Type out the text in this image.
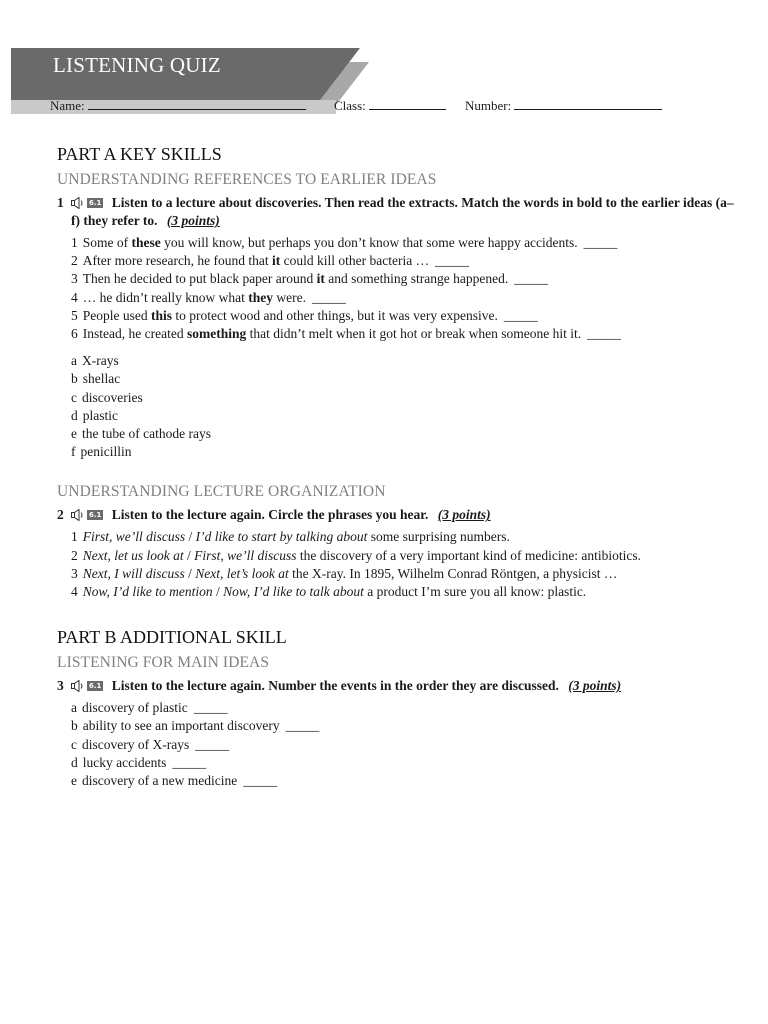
LISTENING QUIZ
Name:	Class:	Number:
PART A KEY SKILLS
UNDERSTANDING REFERENCES TO EARLIER IDEAS
1	6.1 Listen to a lecture about discoveries. Then read the extracts. Match the words in bold to the earlier ideas (a–f) they refer to. (3 points)
1 Some of these you will know, but perhaps you don’t know that some were happy accidents. _____
2 After more research, he found that it could kill other bacteria … _____
3 Then he decided to put black paper around it and something strange happened. _____
4 … he didn’t really know what they were. _____
5 People used this to protect wood and other things, but it was very expensive. _____
6 Instead, he created something that didn’t melt when it got hot or break when someone hit it. _____
a X-rays
b shellac
c discoveries
d plastic
e the tube of cathode rays
f penicillin
UNDERSTANDING LECTURE ORGANIZATION
2	6.1 Listen to the lecture again. Circle the phrases you hear. (3 points)
1 First, we’ll discuss / I’d like to start by talking about some surprising numbers.
2 Next, let us look at / First, we’ll discuss the discovery of a very important kind of medicine: antibiotics.
3 Next, I will discuss / Next, let’s look at the X-ray. In 1895, Wilhelm Conrad Röntgen, a physicist …
4 Now, I’d like to mention / Now, I’d like to talk about a product I’m sure you all know: plastic.
PART B ADDITIONAL SKILL
LISTENING FOR MAIN IDEAS
3	6.1 Listen to the lecture again. Number the events in the order they are discussed. (3 points)
a discovery of plastic _____
b ability to see an important discovery _____
c discovery of X-rays _____
d lucky accidents _____
e discovery of a new medicine _____
